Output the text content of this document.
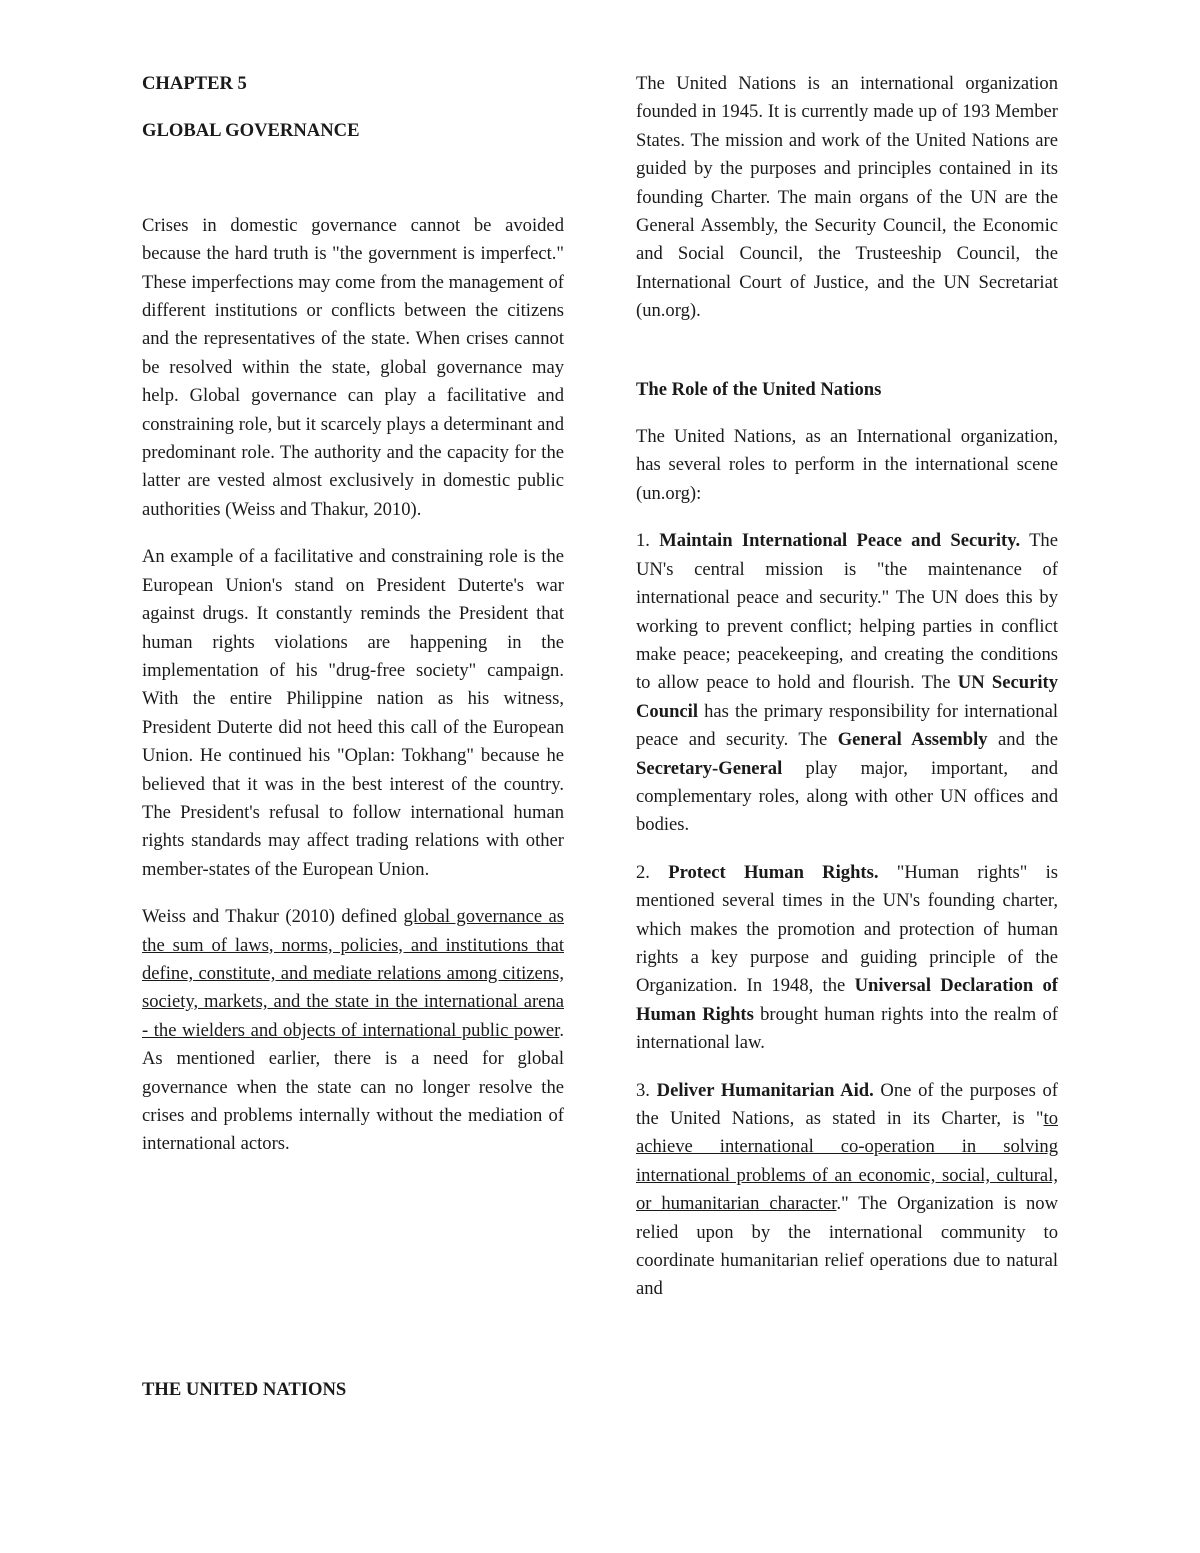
CHAPTER 5
GLOBAL GOVERNANCE

Crises in domestic governance cannot be avoided because the hard truth is "the government is imperfect." These imperfections may come from the management of different institutions or conflicts between the citizens and the representatives of the state. When crises cannot be resolved within the state, global governance may help. Global governance can play a facilitative and constraining role, but it scarcely plays a determinant and predominant role. The authority and the capacity for the latter are vested almost exclusively in domestic public authorities (Weiss and Thakur, 2010).

An example of a facilitative and constraining role is the European Union's stand on President Duterte's war against drugs. It constantly reminds the President that human rights violations are happening in the implementation of his "drug-free society" campaign. With the entire Philippine nation as his witness, President Duterte did not heed this call of the European Union. He continued his "Oplan: Tokhang" because he believed that it was in the best interest of the country. The President's refusal to follow international human rights standards may affect trading relations with other member-states of the European Union.

Weiss and Thakur (2010) defined global governance as the sum of laws, norms, policies, and institutions that define, constitute, and mediate relations among citizens, society, markets, and the state in the international arena - the wielders and objects of international public power. As mentioned earlier, there is a need for global governance when the state can no longer resolve the crises and problems internally without the mediation of international actors.

THE UNITED NATIONS

The United Nations is an international organization founded in 1945. It is currently made up of 193 Member States. The mission and work of the United Nations are guided by the purposes and principles contained in its founding Charter. The main organs of the UN are the General Assembly, the Security Council, the Economic and Social Council, the Trusteeship Council, the International Court of Justice, and the UN Secretariat (un.org).

The Role of the United Nations

The United Nations, as an International organization, has several roles to perform in the international scene (un.org):

1. Maintain International Peace and Security. The UN's central mission is "the maintenance of international peace and security." The UN does this by working to prevent conflict; helping parties in conflict make peace; peacekeeping, and creating the conditions to allow peace to hold and flourish. The UN Security Council has the primary responsibility for international peace and security. The General Assembly and the Secretary-General play major, important, and complementary roles, along with other UN offices and bodies.

2. Protect Human Rights. "Human rights" is mentioned several times in the UN's founding charter, which makes the promotion and protection of human rights a key purpose and guiding principle of the Organization. In 1948, the Universal Declaration of Human Rights brought human rights into the realm of international law.

3. Deliver Humanitarian Aid. One of the purposes of the United Nations, as stated in its Charter, is "to achieve international co-operation in solving international problems of an economic, social, cultural, or humanitarian character." The Organization is now relied upon by the international community to coordinate humanitarian relief operations due to natural and
